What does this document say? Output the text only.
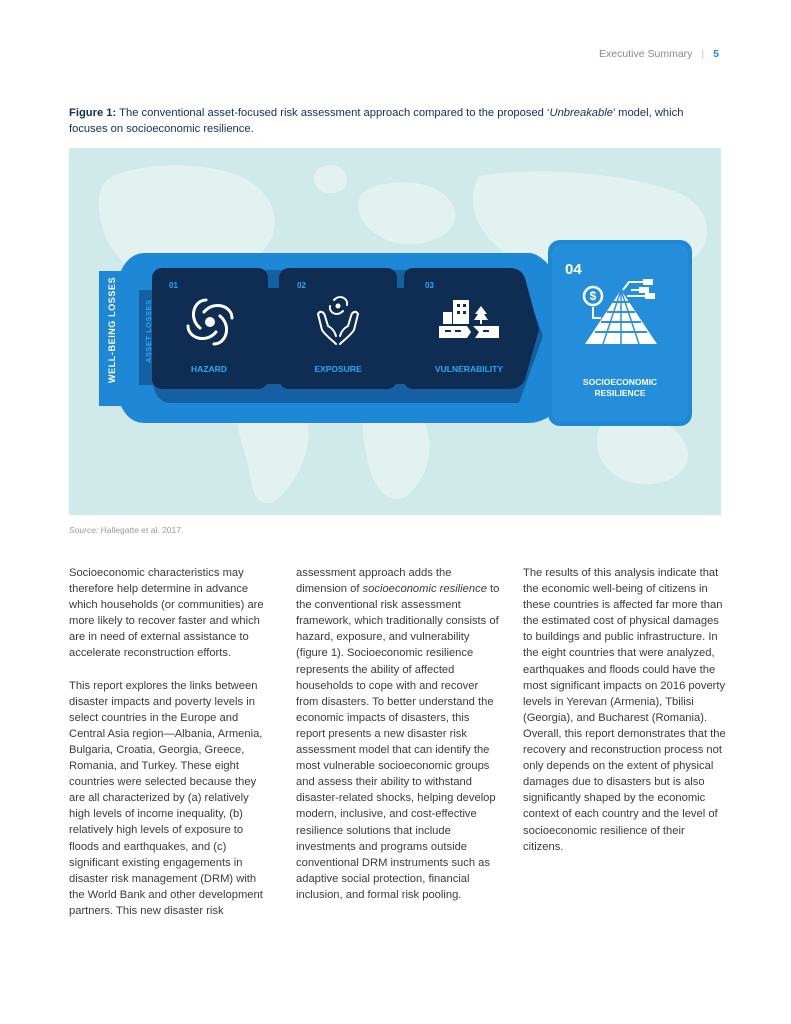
Executive Summary | 5
Figure 1: The conventional asset-focused risk assessment approach compared to the proposed ‘Unbreakable’ model, which focuses on socioeconomic resilience.
WELL-BEING LOSSES	ASSET LOSSES
01	02	03
04
$
HAZARD	EXPOSURE	VULNERABILITY
SOCIOECONOMIC
RESILIENCE
Source: Hallegatte et al. 2017.

Socioeconomic characteristics may therefore help determine in advance which households (or communities) are more likely to recover faster and which are in need of external assistance to accelerate reconstruction efforts.

This report explores the links between disaster impacts and poverty levels in select countries in the Europe and Central Asia region—Albania, Armenia, Bulgaria, Croatia, Georgia, Greece, Romania, and Turkey. These eight countries were selected because they are all characterized by (a) relatively high levels of income inequality, (b) relatively high levels of exposure to floods and earthquakes, and (c) significant existing engagements in disaster risk management (DRM) with the World Bank and other development partners. This new disaster risk

assessment approach adds the dimension of socioeconomic resilience to the conventional risk assessment framework, which traditionally consists of hazard, exposure, and vulnerability (figure 1). Socioeconomic resilience represents the ability of affected households to cope with and recover from disasters. To better understand the economic impacts of disasters, this report presents a new disaster risk assessment model that can identify the most vulnerable socioeconomic groups and assess their ability to withstand disaster-related shocks, helping develop modern, inclusive, and cost-effective resilience solutions that include investments and programs outside conventional DRM instruments such as adaptive social protection, financial inclusion, and formal risk pooling.

The results of this analysis indicate that the economic well-being of citizens in these countries is affected far more than the estimated cost of physical damages to buildings and public infrastructure. In the eight countries that were analyzed, earthquakes and floods could have the most significant impacts on 2016 poverty levels in Yerevan (Armenia), Tbilisi (Georgia), and Bucharest (Romania). Overall, this report demonstrates that the recovery and reconstruction process not only depends on the extent of physical damages due to disasters but is also significantly shaped by the economic context of each country and the level of socioeconomic resilience of their citizens.
